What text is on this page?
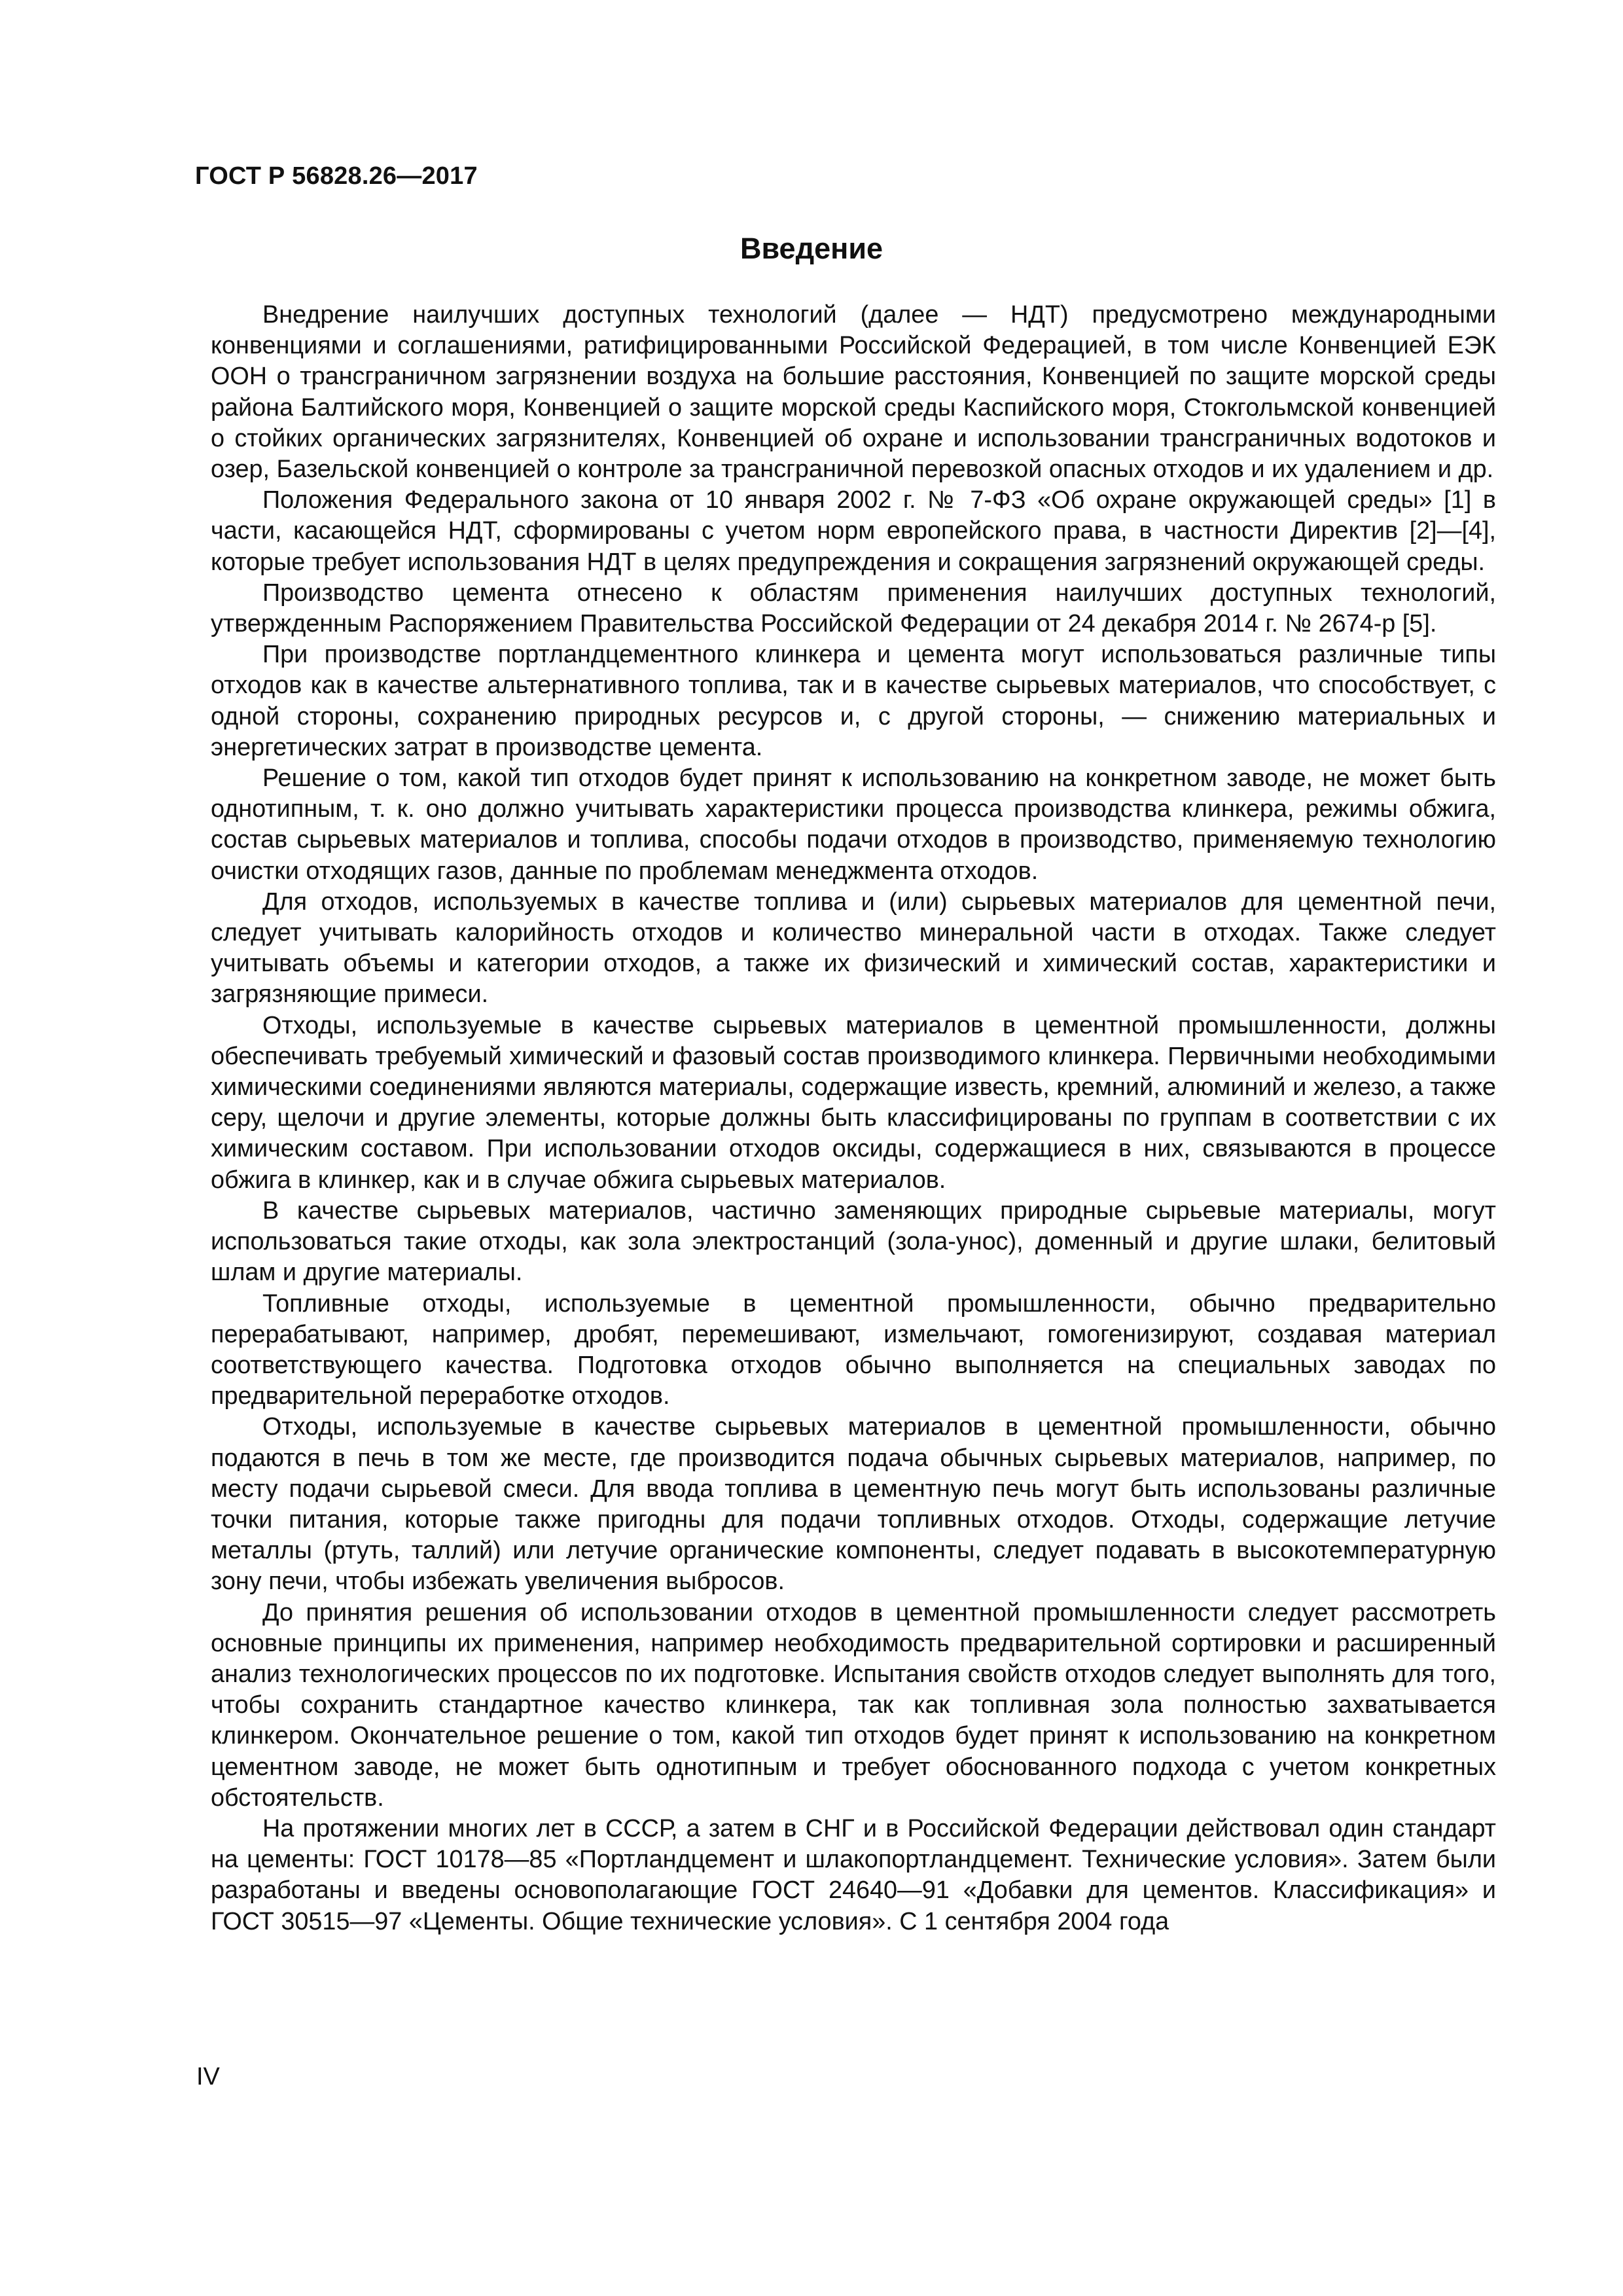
ГОСТ Р 56828.26—2017
Введение

Внедрение наилучших доступных технологий (далее — НДТ) предусмотрено международными конвенциями и соглашениями, ратифицированными Российской Федерацией, в том числе Конвенцией ЕЭК ООН о трансграничном загрязнении воздуха на большие расстояния, Конвенцией по защите морской среды района Балтийского моря, Конвенцией о защите морской среды Каспийского моря, Стокгольмской конвенцией о стойких органических загрязнителях, Конвенцией об охране и использовании трансграничных водотоков и озер, Базельской конвенцией о контроле за трансграничной перевозкой опасных отходов и их удалением и др.

Положения Федерального закона от 10 января 2002 г. № 7-ФЗ «Об охране окружающей среды» [1] в части, касающейся НДТ, сформированы с учетом норм европейского права, в частности Директив [2]—[4], которые требует использования НДТ в целях предупреждения и сокращения загрязнений окружающей среды.

Производство цемента отнесено к областям применения наилучших доступных технологий, утвержденным Распоряжением Правительства Российской Федерации от 24 декабря 2014 г. № 2674-р [5].

При производстве портландцементного клинкера и цемента могут использоваться различные типы отходов как в качестве альтернативного топлива, так и в качестве сырьевых материалов, что способствует, с одной стороны, сохранению природных ресурсов и, с другой стороны, — снижению материальных и энергетических затрат в производстве цемента.

Решение о том, какой тип отходов будет принят к использованию на конкретном заводе, не может быть однотипным, т. к. оно должно учитывать характеристики процесса производства клинкера, режимы обжига, состав сырьевых материалов и топлива, способы подачи отходов в производство, применяемую технологию очистки отходящих газов, данные по проблемам менеджмента отходов.

Для отходов, используемых в качестве топлива и (или) сырьевых материалов для цементной печи, следует учитывать калорийность отходов и количество минеральной части в отходах. Также следует учитывать объемы и категории отходов, а также их физический и химический состав, характеристики и загрязняющие примеси.

Отходы, используемые в качестве сырьевых материалов в цементной промышленности, должны обеспечивать требуемый химический и фазовый состав производимого клинкера. Первичными необходимыми химическими соединениями являются материалы, содержащие известь, кремний, алюминий и железо, а также серу, щелочи и другие элементы, которые должны быть классифицированы по группам в соответствии с их химическим составом. При использовании отходов оксиды, содержащиеся в них, связываются в процессе обжига в клинкер, как и в случае обжига сырьевых материалов.

В качестве сырьевых материалов, частично заменяющих природные сырьевые материалы, могут использоваться такие отходы, как зола электростанций (зола-унос), доменный и другие шлаки, белитовый шлам и другие материалы.

Топливные отходы, используемые в цементной промышленности, обычно предварительно перерабатывают, например, дробят, перемешивают, измельчают, гомогенизируют, создавая материал соответствующего качества. Подготовка отходов обычно выполняется на специальных заводах по предварительной переработке отходов.

Отходы, используемые в качестве сырьевых материалов в цементной промышленности, обычно подаются в печь в том же месте, где производится подача обычных сырьевых материалов, например, по месту подачи сырьевой смеси. Для ввода топлива в цементную печь могут быть использованы различные точки питания, которые также пригодны для подачи топливных отходов. Отходы, содержащие летучие металлы (ртуть, таллий) или летучие органические компоненты, следует подавать в высокотемпературную зону печи, чтобы избежать увеличения выбросов.

До принятия решения об использовании отходов в цементной промышленности следует рассмотреть основные принципы их применения, например необходимость предварительной сортировки и расширенный анализ технологических процессов по их подготовке. Испытания свойств отходов следует выполнять для того, чтобы сохранить стандартное качество клинкера, так как топливная зола полностью захватывается клинкером. Окончательное решение о том, какой тип отходов будет принят к использованию на конкретном цементном заводе, не может быть однотипным и требует обоснованного подхода с учетом конкретных обстоятельств.

На протяжении многих лет в СССР, а затем в СНГ и в Российской Федерации действовал один стандарт на цементы: ГОСТ 10178—85 «Портландцемент и шлакопортландцемент. Технические условия». Затем были разработаны и введены основополагающие ГОСТ 24640—91 «Добавки для цементов. Классификация» и ГОСТ 30515—97 «Цементы. Общие технические условия». С 1 сентября 2004 года

IV
